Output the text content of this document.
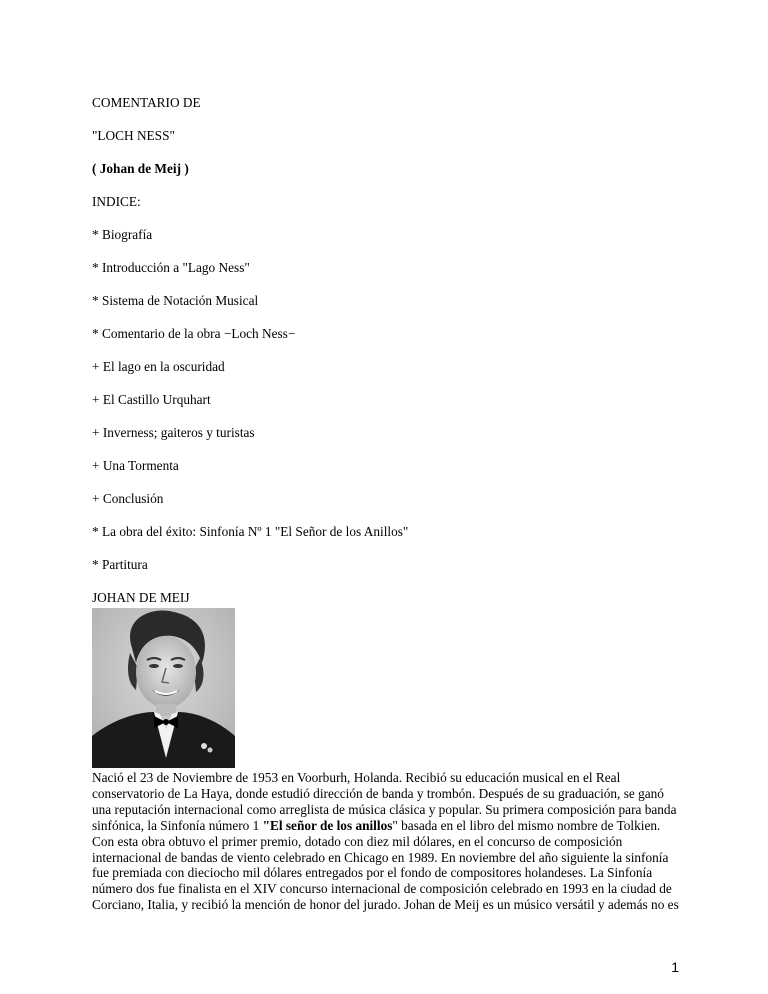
COMENTARIO DE
"LOCH NESS"
( Johan de Meij )
INDICE:
* Biografía
* Introducción a "Lago Ness"
* Sistema de Notación Musical
* Comentario de la obra −Loch Ness−
+ El lago en la oscuridad
+ El Castillo Urquhart
+ Inverness; gaiteros y turistas
+ Una Tormenta
+ Conclusión
* La obra del éxito: Sinfonía Nº 1 "El Señor de los Anillos"
* Partitura
JOHAN DE MEIJ
Nació el 23 de Noviembre de 1953 en Voorburh, Holanda. Recibió su educación musical en el Real
conservatorio de La Haya, donde estudió dirección de banda y trombón. Después de su graduación, se ganó
una reputación internacional como arreglista de música clásica y popular. Su primera composición para banda
sinfónica, la Sinfonía número 1 "El señor de los anillos" basada en el libro del mismo nombre de Tolkien.
Con esta obra obtuvo el primer premio, dotado con diez mil dólares, en el concurso de composición
internacional de bandas de viento celebrado en Chicago en 1989. En noviembre del año siguiente la sinfonía
fue premiada con dieciocho mil dólares entregados por el fondo de compositores holandeses. La Sinfonía
número dos fue finalista en el XIV concurso internacional de composición celebrado en 1993 en la ciudad de
Corciano, Italia, y recibió la mención de honor del jurado. Johan de Meij es un músico versátil y además no es
1
